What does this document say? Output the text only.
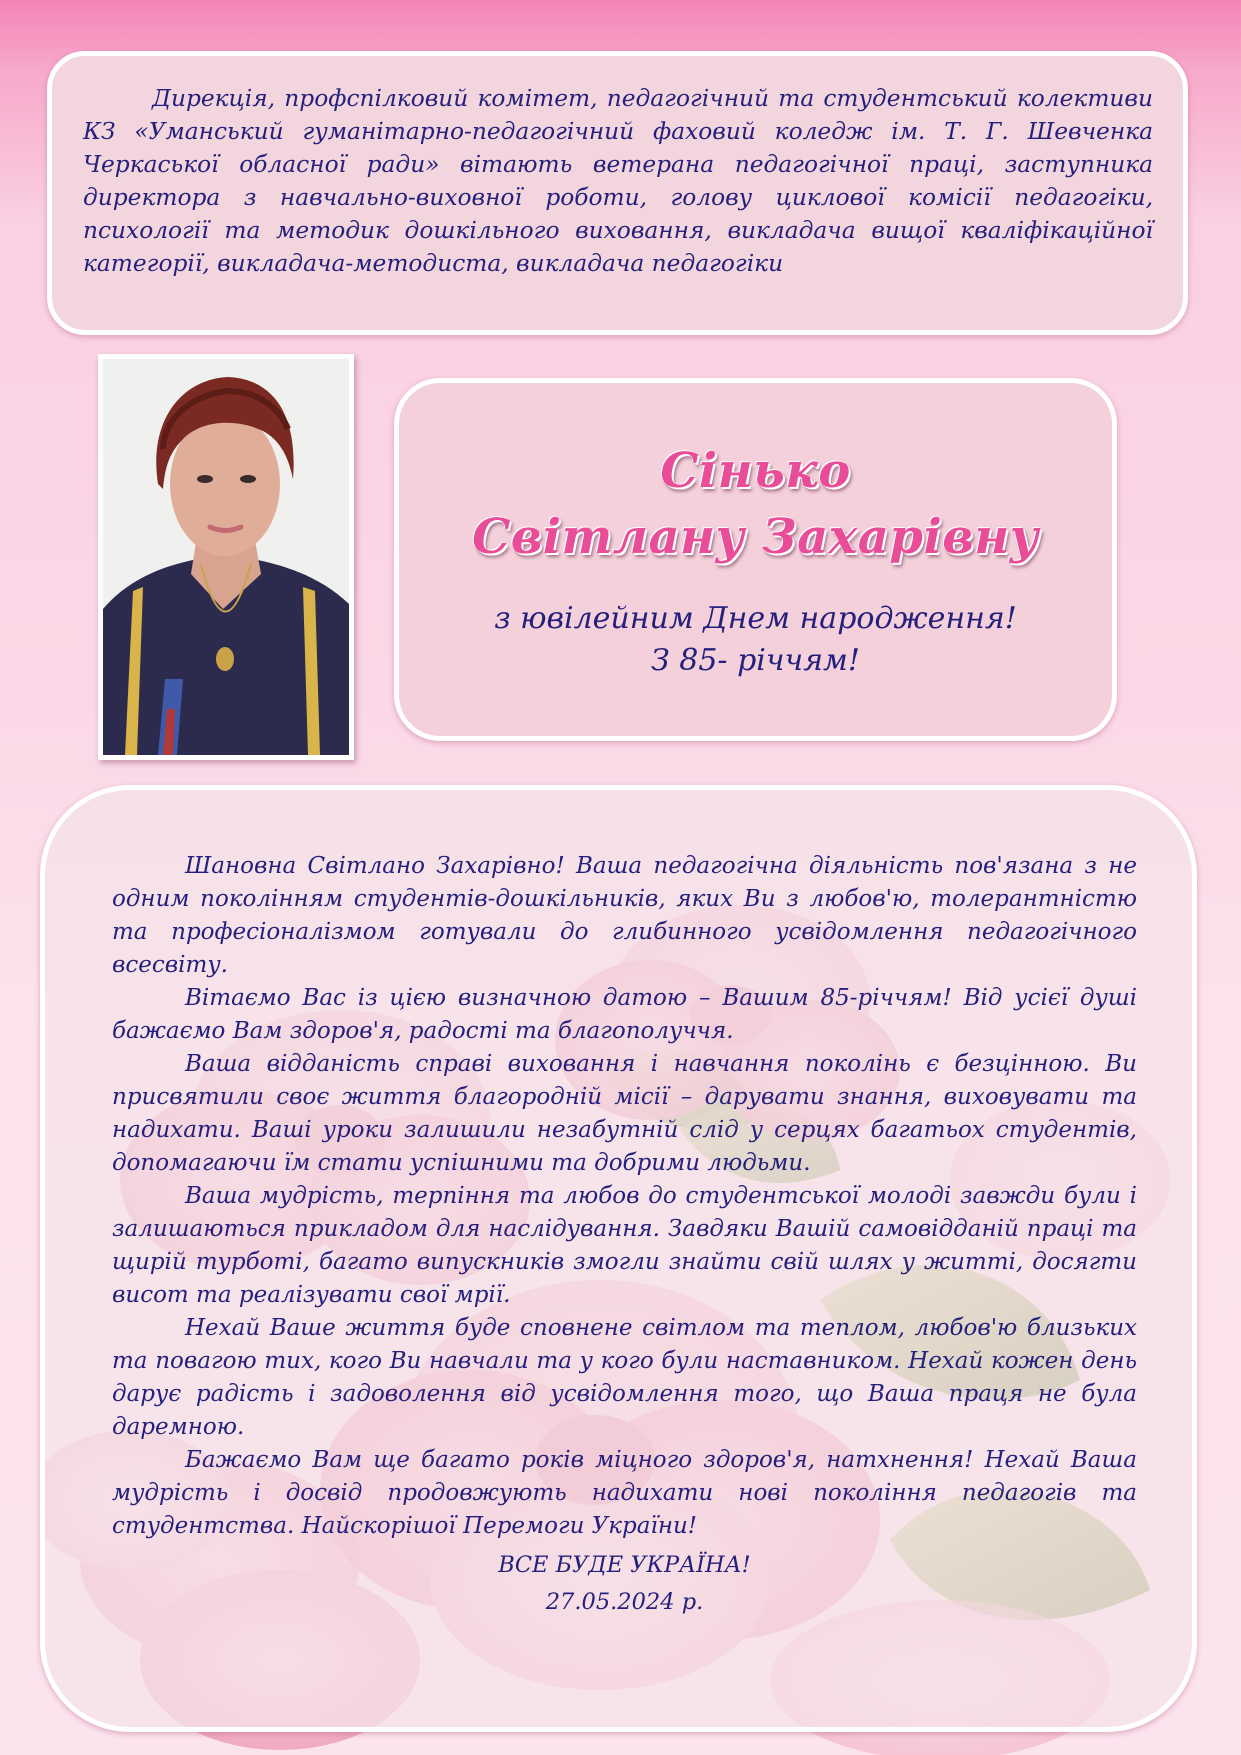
Дирекція, профспілковий комітет, педагогічний та студентський колективи КЗ «Уманський гуманітарно-педагогічний фаховий коледж ім. Т. Г. Шевченка Черкаської обласної ради» вітають ветерана педагогічної праці, заступника директора з навчально-виховної роботи, голову циклової комісії педагогіки, психології та методик дошкільного виховання, викладача вищої кваліфікаційної категорії, викладача-методиста, викладача педагогіки

Сінько
Світлану Захарівну
з ювілейним Днем народження!
З 85- річчям!

Шановна Світлано Захарівно! Ваша педагогічна діяльність пов'язана з не одним поколінням студентів-дошкільників, яких Ви з любов'ю, толерантністю та професіоналізмом готували до глибинного усвідомлення педагогічного всесвіту.

Вітаємо Вас із цією визначною датою – Вашим 85-річчям! Від усієї душі бажаємо Вам здоров'я, радості та благополуччя.

Ваша відданість справі виховання і навчання поколінь є безцінною. Ви присвятили своє життя благородній місії – дарувати знання, виховувати та надихати. Ваші уроки залишили незабутній слід у серцях багатьох студентів, допомагаючи їм стати успішними та добрими людьми.

Ваша мудрість, терпіння та любов до студентської молоді завжди були і залишаються прикладом для наслідування. Завдяки Вашій самовідданій праці та щирій турботі, багато випускників змогли знайти свій шлях у житті, досягти висот та реалізувати свої мрії.

Нехай Ваше життя буде сповнене світлом та теплом, любов'ю близьких та повагою тих, кого Ви навчали та у кого були наставником. Нехай кожен день дарує радість і задоволення від усвідомлення того, що Ваша праця не була даремною.

Бажаємо Вам ще багато років міцного здоров'я, натхнення! Нехай Ваша мудрість і досвід продовжують надихати нові покоління педагогів та студентства. Найскорішої Перемоги України!

ВСЕ БУДЕ УКРАЇНА!

27.05.2024 р.
